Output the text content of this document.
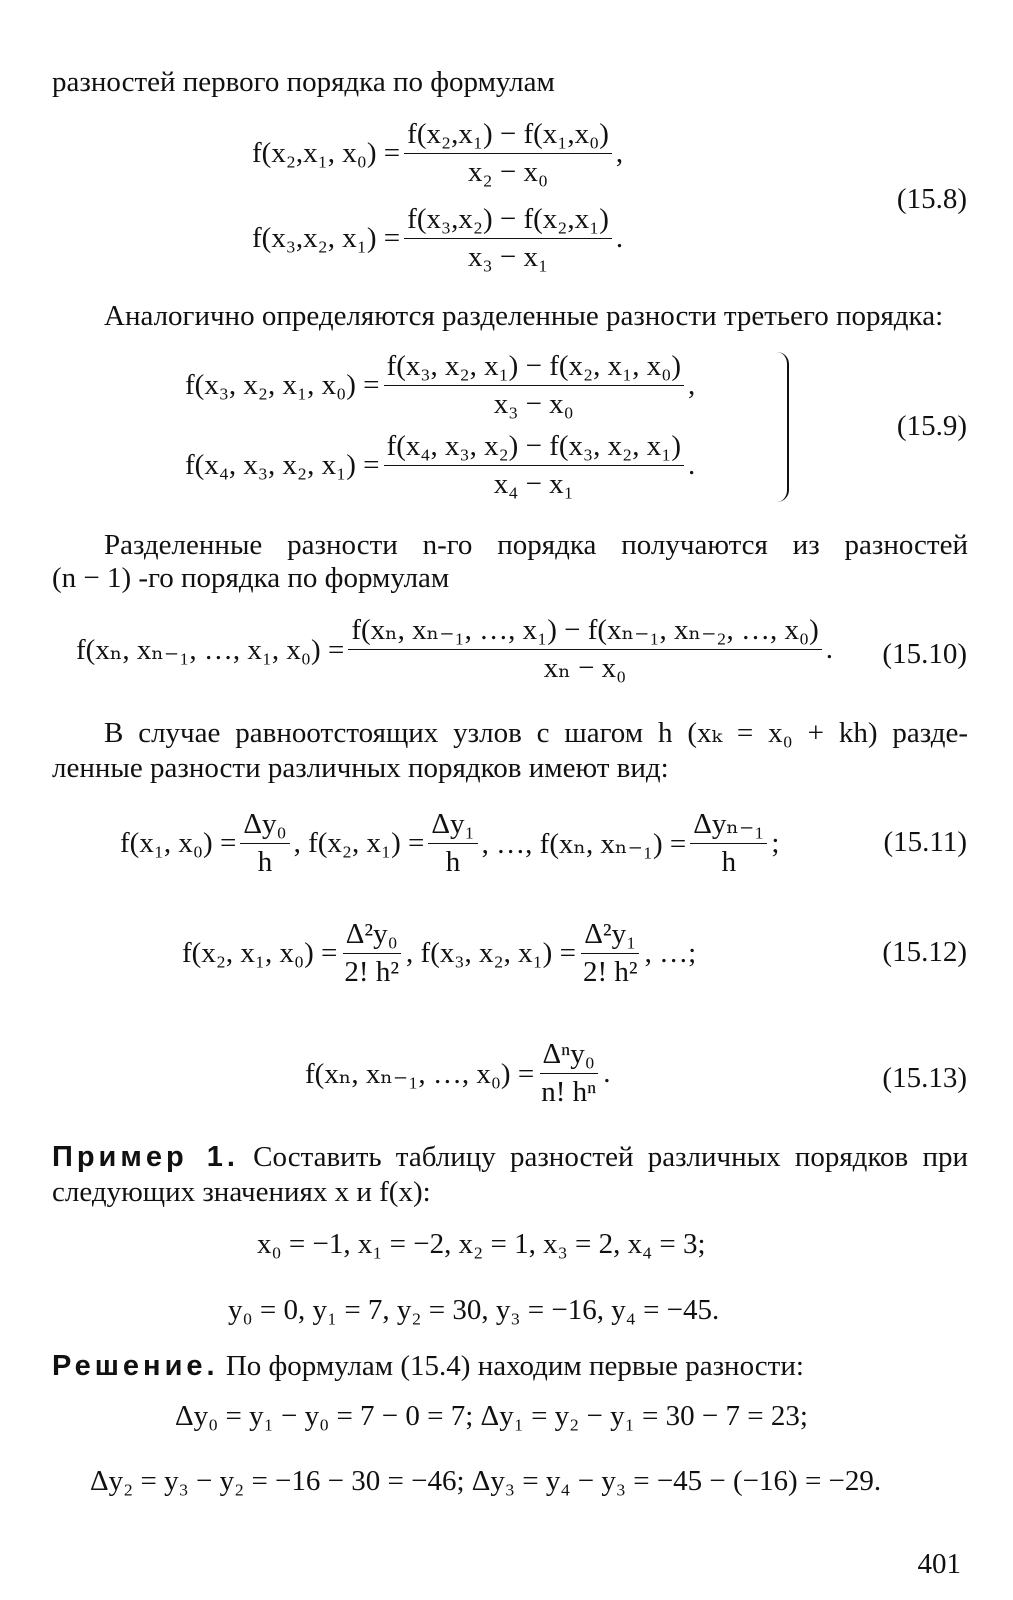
разностей первого порядка по формулам
f(x₂,x₁, $x_0) = \frac{\text{f(x₂,x₁) − f(x₁,x₀)}}{\text{x₂ − x₀}}$ ,
f(x₃,x₂, $x_1) = \frac{\text{f(x₃,x₂) − f(x₂,x₁)}}{\text{x₃ − x₁}}$ .
(15.8)
Аналогично определяются разделенные разности третьего порядка:
f(x₃, x₂, x₁, $x_0) = \frac{\text{f(x₃, x₂, x₁) − f(x₂, x₁, x₀)}}{\text{x₃ − x₀}}$ ,
f(x₄, x₃, x₂, $x_1) = \frac{\text{f(x₄, x₃, x₂) − f(x₃, x₂, x₁)}}{\text{x₄ − x₁}}$ .
(15.9)
Разделенные разности n-го порядка получаются из разностей
(n − 1) -го порядка по формулам
f(xₙ, xₙ₋₁, …, x₁, $x_0) = \frac{\text{f(xₙ, xₙ₋₁, …, x₁) − f(xₙ₋₁, xₙ₋₂, …, x₀)}}{\text{xₙ − x₀}}$ . (15.10)
В случае равноотстоящих узлов с шагом h (xₖ = x₀ + kh) разде-
ленные разности различных порядков имеют вид:
f(x₁, $x_0) = \frac{\text{Δy₀}}{h}$ , f(x₂, $x_1) = \frac{\text{Δy₁}}{h}$ , …, f(xₙ, $x_{n-1}) = \frac{\text{Δyₙ₋₁}}{h}$ ;	(15.11)
f(x₂, x₁, $x_0) = \frac{\text{Δ²y₀}}{\text{2! h²}}$ , f(x₃, x₂, $x_1) = \frac{\text{Δ²y₁}}{\text{2! h²}}$ , …;	(15.12)
f(xₙ, xₙ₋₁, …, $x_0) = \frac{\text{Δⁿy₀}}{\text{n! hⁿ}}$ .	(15.13)
Пример 1. Составить таблицу разностей различных порядков при
следующих значениях x и f(x):
x₀ = −1, x₁ = −2, x₂ = 1, x₃ = 2, x₄ = 3;
y₀ = 0, y₁ = 7, y₂ = 30, y₃ = −16, y₄ = −45.
Решение. По формулам (15.4) находим первые разности:
Δy₀ = y₁ − y₀ = 7 − 0 = 7; Δy₁ = y₂ − y₁ = 30 − 7 = 23;
Δy₂ = y₃ − y₂ = −16 − 30 = −46; Δy₃ = y₄ − y₃ = −45 − (−16) = −29.
401
